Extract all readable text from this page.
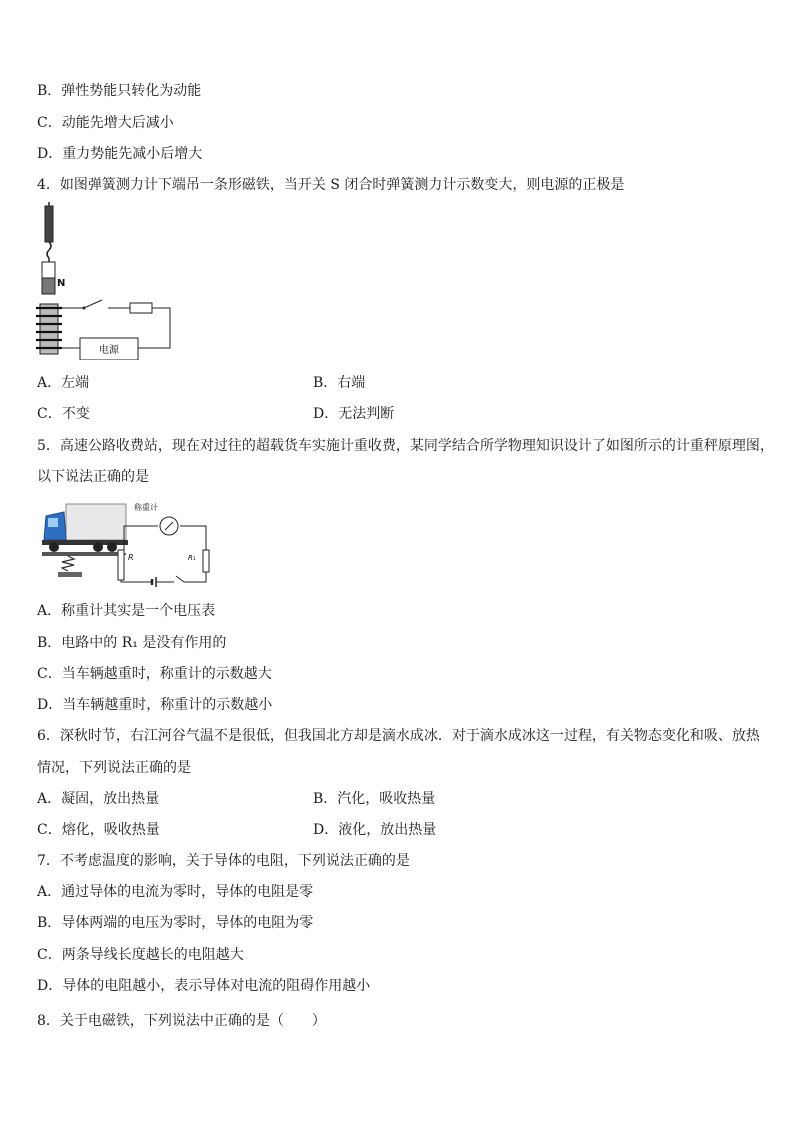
B．弹性势能只转化为动能
C．动能先增大后减小
D．重力势能先减小后增大
4．如图弹簧测力计下端吊一条形磁铁，当开关 S 闭合时弹簧测力计示数变大，则电源的正极是
N
电源
A．左端	B．右端
C．不变	D．无法判断
5．高速公路收费站，现在对过往的超载货车实施计重收费，某同学结合所学物理知识设计了如图所示的计重秤原理图，
以下说法正确的是
R
称重计
R₁
A．称重计其实是一个电压表
B．电路中的 R₁ 是没有作用的
C．当车辆越重时，称重计的示数越大
D．当车辆越重时，称重计的示数越小
6．深秋时节，右江河谷气温不是很低，但我国北方却是滴水成冰．对于滴水成冰这一过程，有关物态变化和吸、放热
情况，下列说法正确的是
A．凝固，放出热量	B．汽化，吸收热量
C．熔化，吸收热量	D．液化，放出热量
7．不考虑温度的影响，关于导体的电阻，下列说法正确的是
A．通过导体的电流为零时，导体的电阻是零
B．导体两端的电压为零时，导体的电阻为零
C．两条导线长度越长的电阻越大
D．导体的电阻越小，表示导体对电流的阻碍作用越小
8．关于电磁铁，下列说法中正确的是（　　）
